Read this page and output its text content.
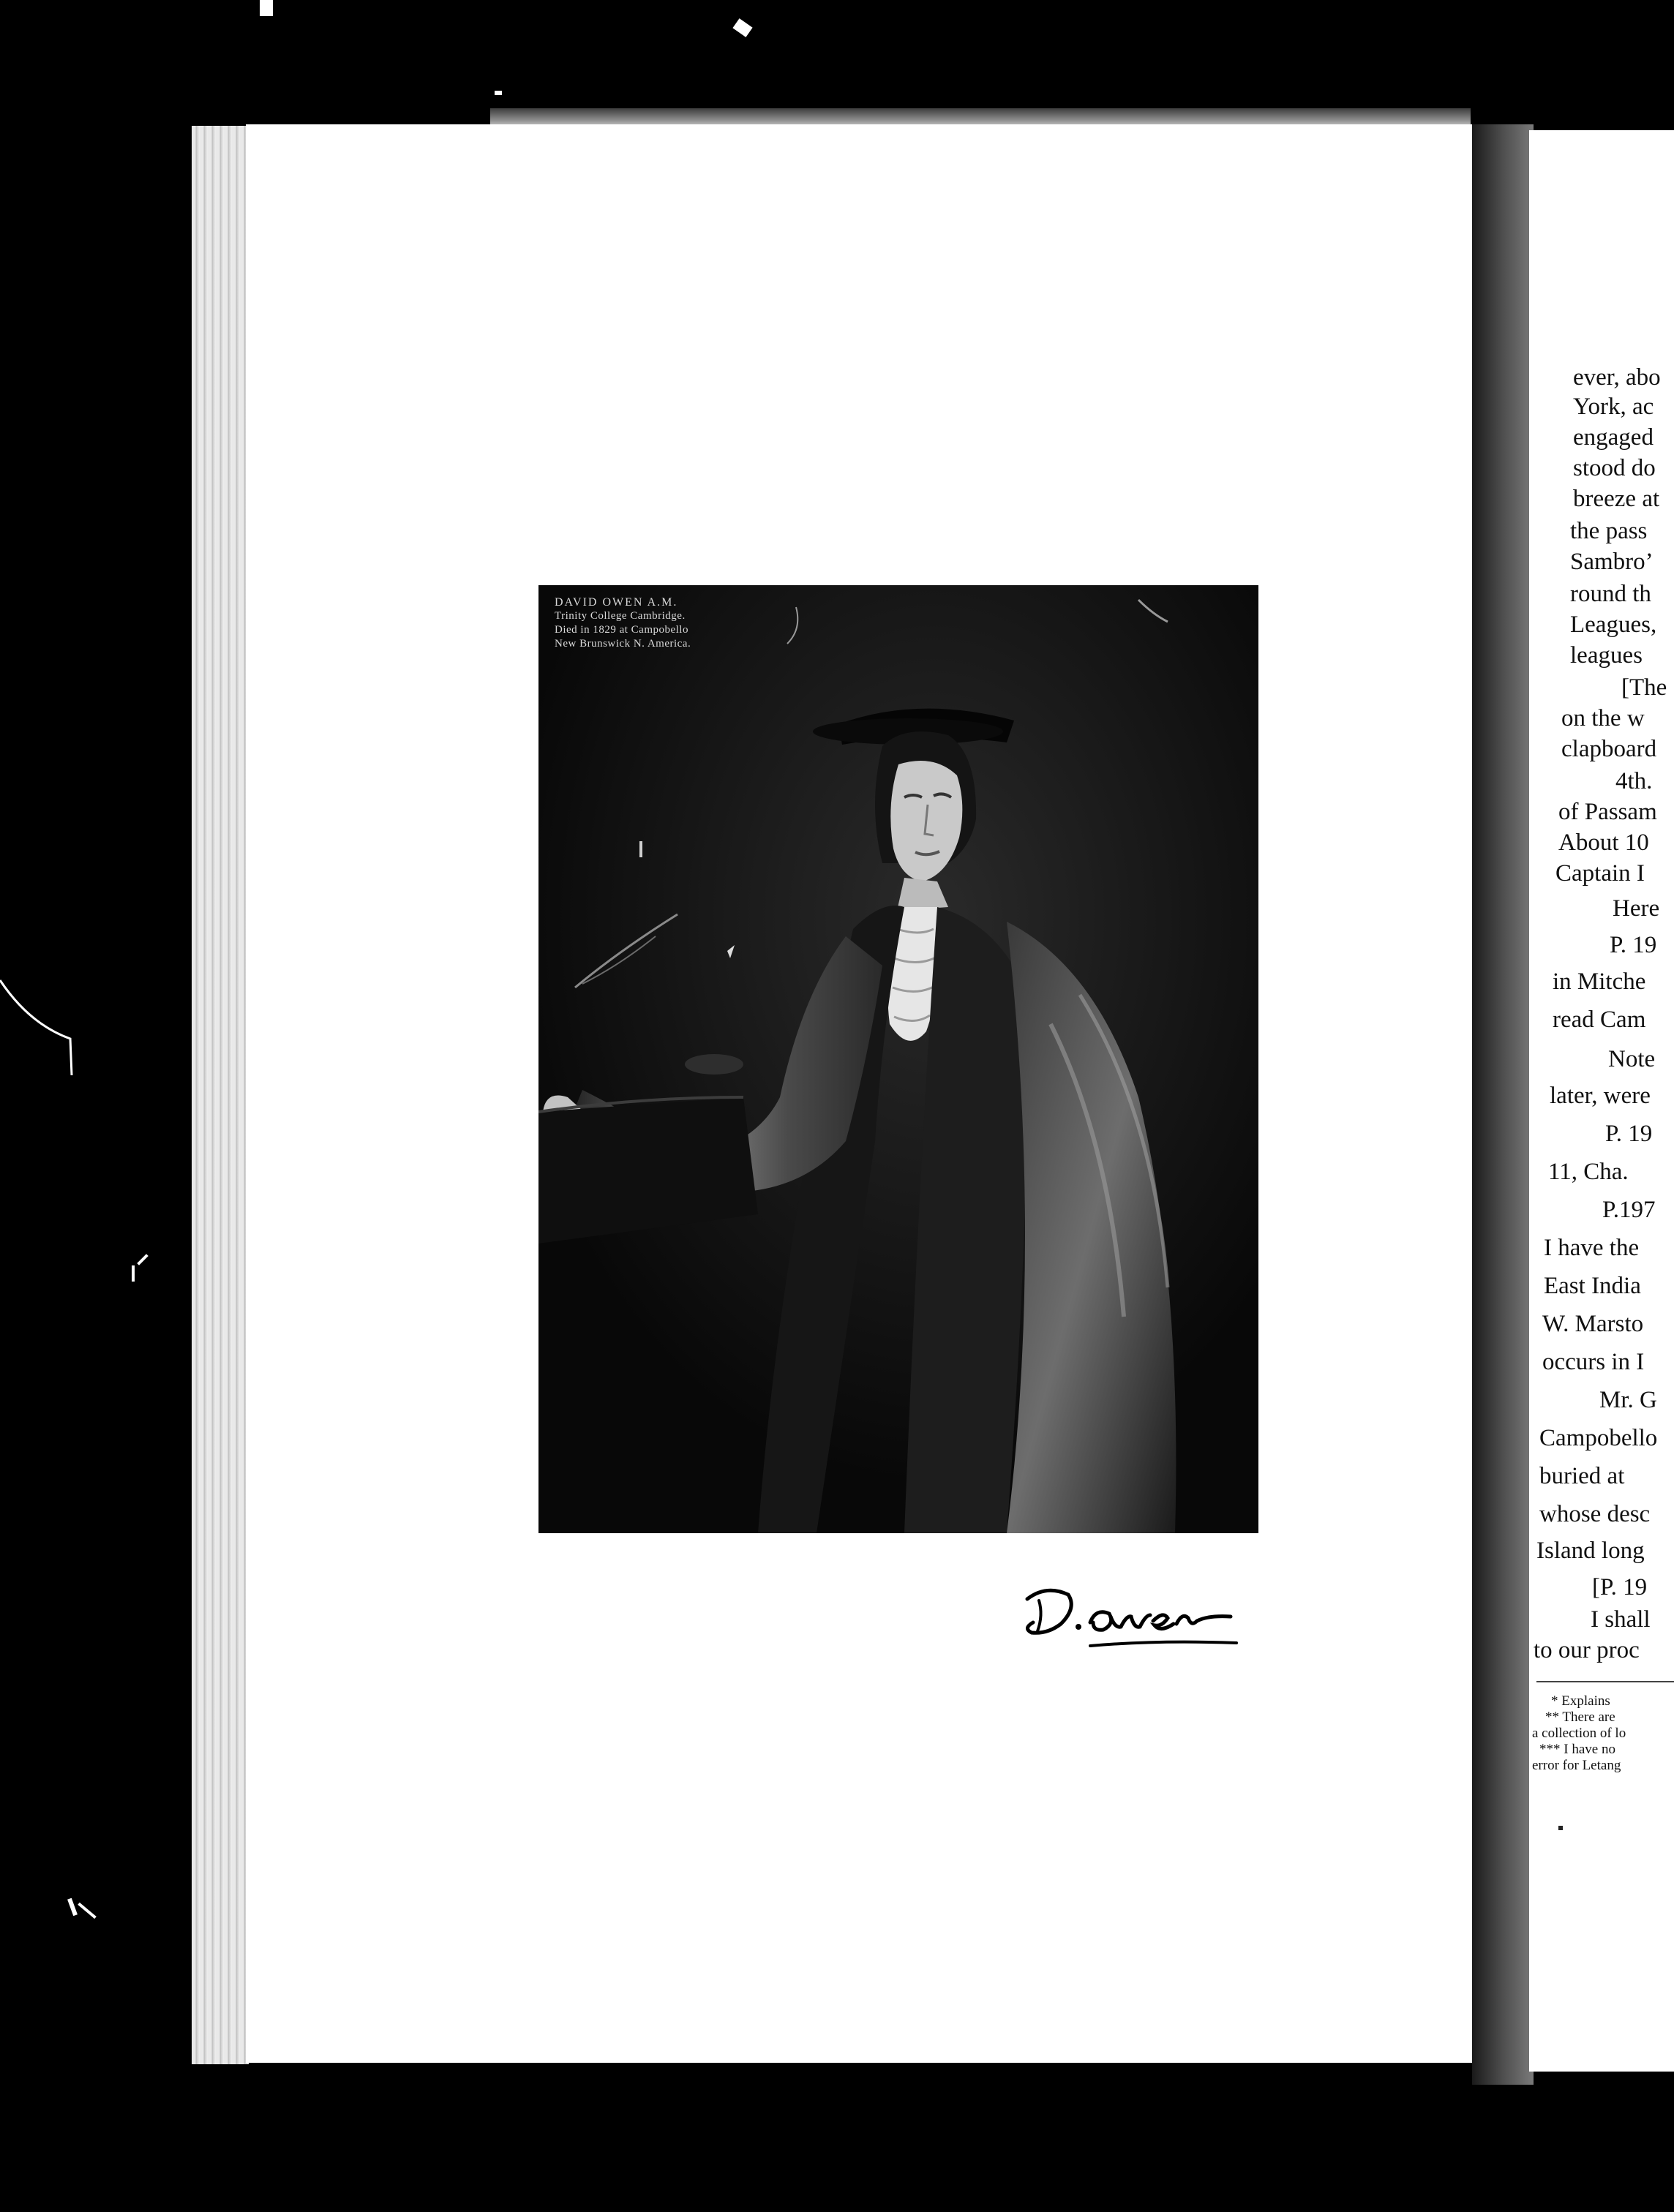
DAVID OWEN A.M.
Trinity College Cambridge.
Died in 1829 at Campobello
New Brunswick N. America.
ever, abo
York, ac
engaged
stood do
breeze at
the pass
Sambro’
round th
Leagues,
leagues
[The
on the w
clapboard
4th.
of Passam
About 10
Captain I
Here
P. 19
in Mitche
read Cam
Note
later, were
P. 19
11, Cha.
P.197
I have the
East India
W. Marsto
occurs in I
Mr. G
Campobello
buried at
whose desc
Island long
[P. 19
I shall
to our proc
* Explains
** There are
a collection of lo
*** I have no
error for Letang
